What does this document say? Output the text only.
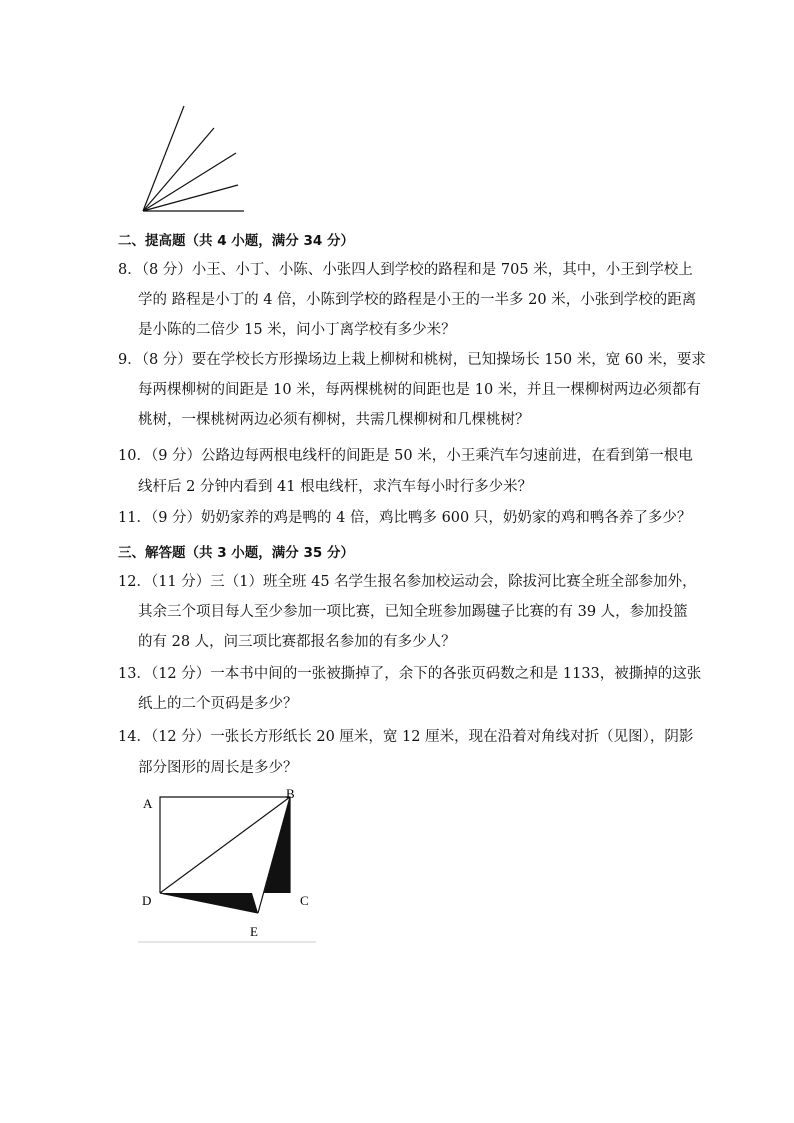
二、提高题（共 4 小题，满分 34 分）
8．（8 分）小王、小丁、小陈、小张四人到学校的路程和是 705 米，其中，小王到学校上
学的 路程是小丁的 4 倍，小陈到学校的路程是小王的一半多 20 米，小张到学校的距离
是小陈的二倍少 15 米，问小丁离学校有多少米？
9．（8 分）要在学校长方形操场边上栽上柳树和桃树，已知操场长 150 米，宽 60 米，要求
每两棵柳树的间距是 10 米，每两棵桃树的间距也是 10 米，并且一棵柳树两边必须都有
桃树，一棵桃树两边必须有柳树，共需几棵柳树和几棵桃树？
10．（9 分）公路边每两根电线杆的间距是 50 米，小王乘汽车匀速前进，在看到第一根电
线杆后 2 分钟内看到 41 根电线杆，求汽车每小时行多少米？
11．（9 分）奶奶家养的鸡是鸭的 4 倍，鸡比鸭多 600 只，奶奶家的鸡和鸭各养了多少？
三、解答题（共 3 小题，满分 35 分）
12．（11 分）三（1）班全班 45 名学生报名参加校运动会，除拔河比赛全班全部参加外，
其余三个项目每人至少参加一项比赛，已知全班参加踢毽子比赛的有 39 人，参加投篮
的有 28 人，问三项比赛都报名参加的有多少人？
13．（12 分）一本书中间的一张被撕掉了，余下的各张页码数之和是 1133，被撕掉的这张
纸上的二个页码是多少？
14．（12 分）一张长方形纸长 20 厘米，宽 12 厘米，现在沿着对角线对折（见图），阴影
部分图形的周长是多少？
A
B
C
D
E
